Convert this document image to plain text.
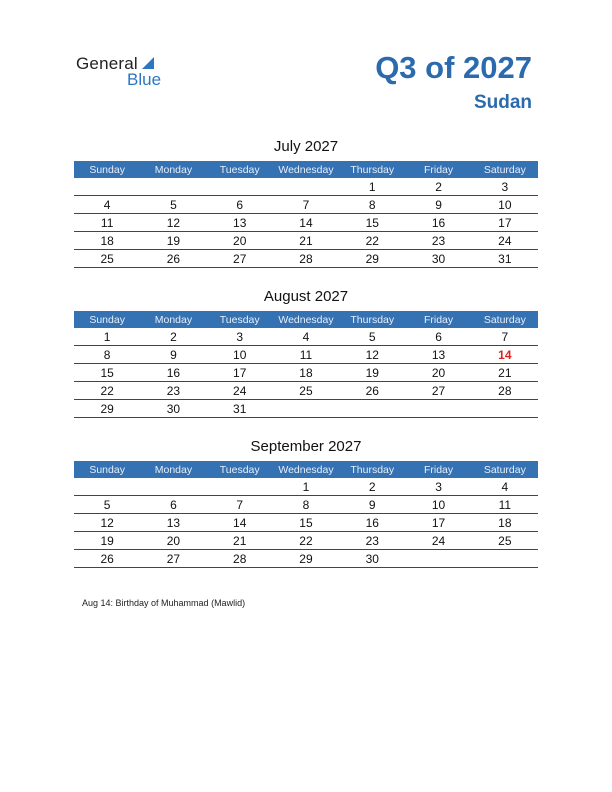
General
Blue	Q3 of 2027
Sudan
July 2027
Sunday	Monday	Tuesday	Wednesday	Thursday	Friday	Saturday
				1	2	3
4	5	6	7	8	9	10
11	12	13	14	15	16	17
18	19	20	21	22	23	24
25	26	27	28	29	30	31
August 2027
Sunday	Monday	Tuesday	Wednesday	Thursday	Friday	Saturday
1	2	3	4	5	6	7
8	9	10	11	12	13	14
15	16	17	18	19	20	21
22	23	24	25	26	27	28
29	30	31				
September 2027
Sunday	Monday	Tuesday	Wednesday	Thursday	Friday	Saturday
			1	2	3	4
5	6	7	8	9	10	11
12	13	14	15	16	17	18
19	20	21	22	23	24	25
26	27	28	29	30		
Aug 14: Birthday of Muhammad (Mawlid)
